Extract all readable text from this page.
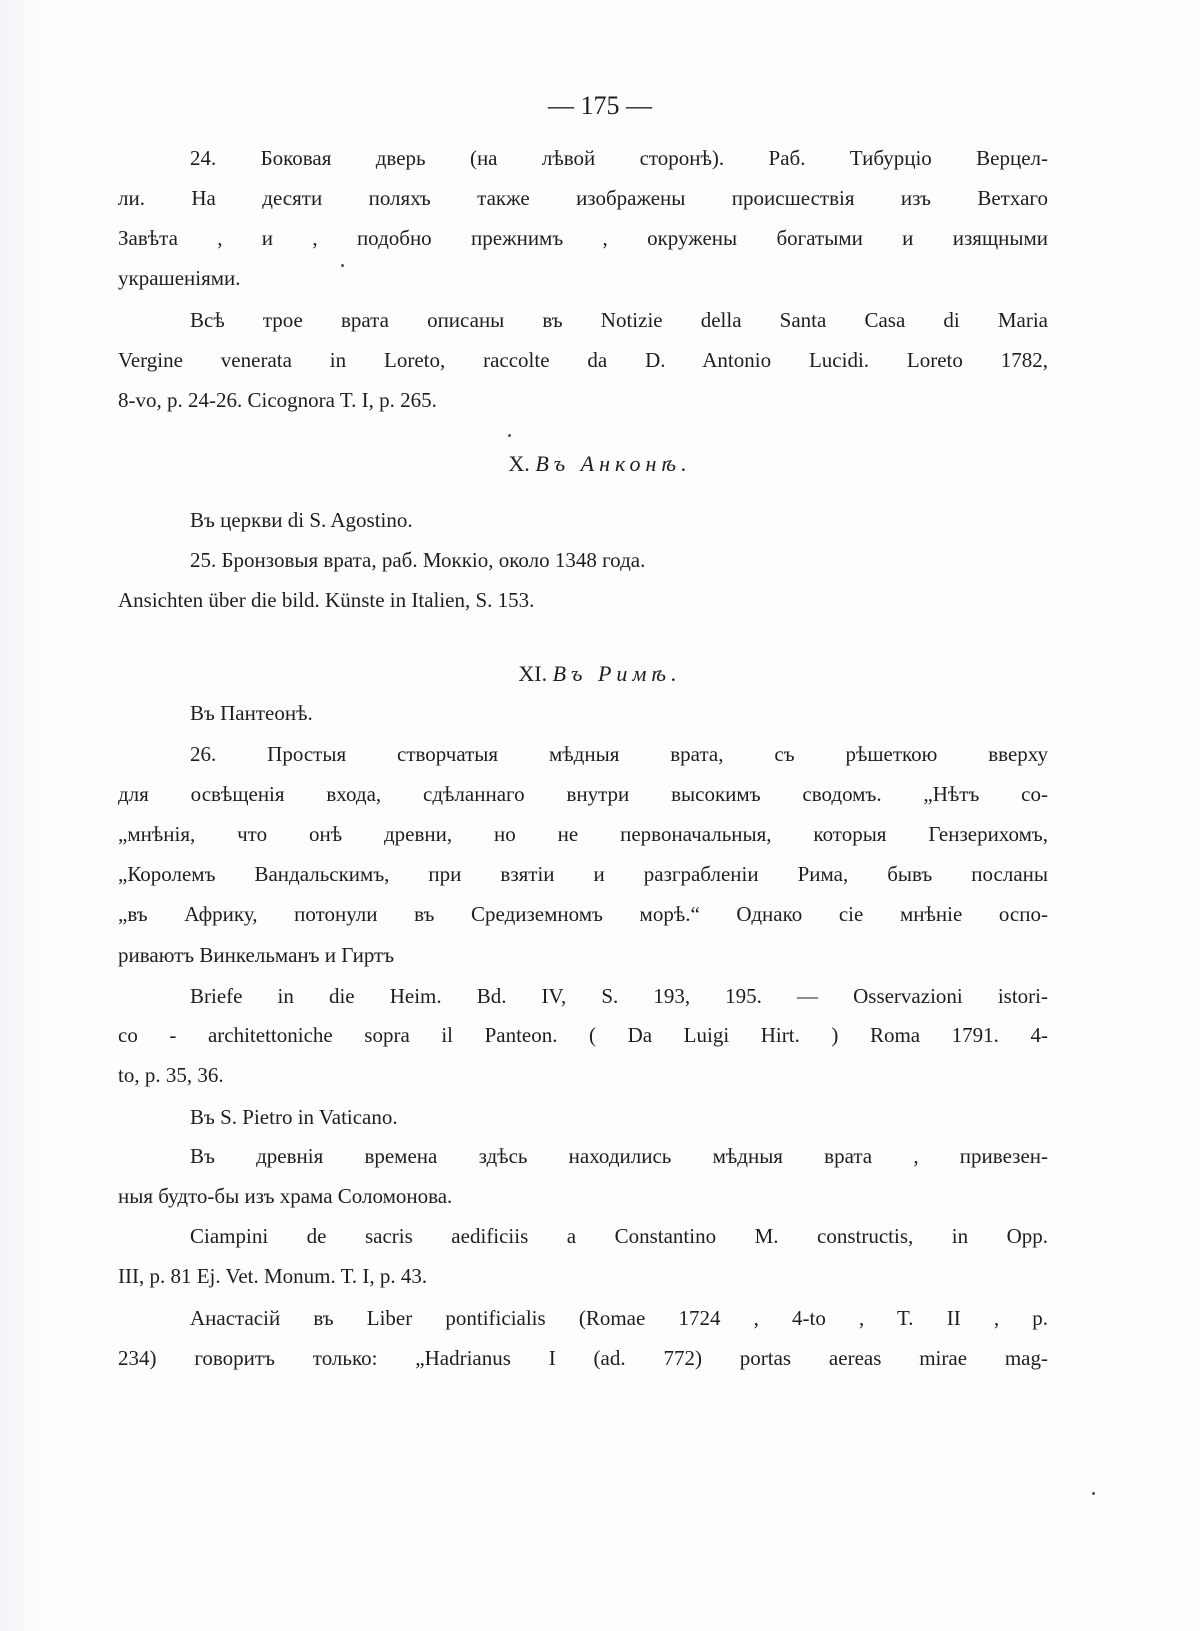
— 175 —
24. Боковая дверь (на лѣвой сторонѣ). Раб. Тибурціо Верцел-
ли. На десяти поляхъ также изображены происшествія изъ Ветхаго
Завѣта , и , подобно прежнимъ , окружены богатыми и изящными
украшеніями.
Всѣ трое врата описаны въ Notizie della Santa Casa di Maria
Vergine venerata in Loreto, raccolte da D. Antonio Lucidi. Loreto 1782,
8-vo, p. 24-26. Cicognora T. I, p. 265.
X. Въ Анконѣ.
Въ церкви di S. Agostino.
25. Бронзовыя врата, раб. Моккіо, около 1348 года.
Ansichten über die bild. Künste in Italien, S. 153.
XI. Въ Римѣ.
Въ Пантеонѣ.
26. Простыя створчатыя мѣдныя врата, съ рѣшеткою вверху
для освѣщенія входа, сдѣланнаго внутри высокимъ сводомъ. „Нѣтъ со-
„мнѣнія, что онѣ древни, но не первоначальныя, которыя Гензерихомъ,
„Королемъ Вандальскимъ, при взятіи и разграбленіи Рима, бывъ посланы
„въ Африку, потонули въ Средиземномъ морѣ.“ Однако сіе мнѣніе оспо-
риваютъ Винкельманъ и Гиртъ
Briefe in die Heim. Bd. IV, S. 193, 195. — Osservazioni istori-
co - architettoniche sopra il Panteon. ( Da Luigi Hirt. ) Roma 1791. 4-
to, p. 35, 36.
Въ S. Pietro in Vaticano.
Въ древнія времена здѣсь находились мѣдныя врата , привезен-
ныя будто-бы изъ храма Соломонова.
Ciampini de sacris aedificiis a Constantino M. constructis, in Opp.
III, p. 81 Ej. Vet. Monum. T. I, p. 43.
Анастасій въ Liber pontificialis (Romae 1724 , 4-to , T. II , p.
234) говоритъ только: „Hadrianus I (ad. 772) portas aereas mirae mag-
